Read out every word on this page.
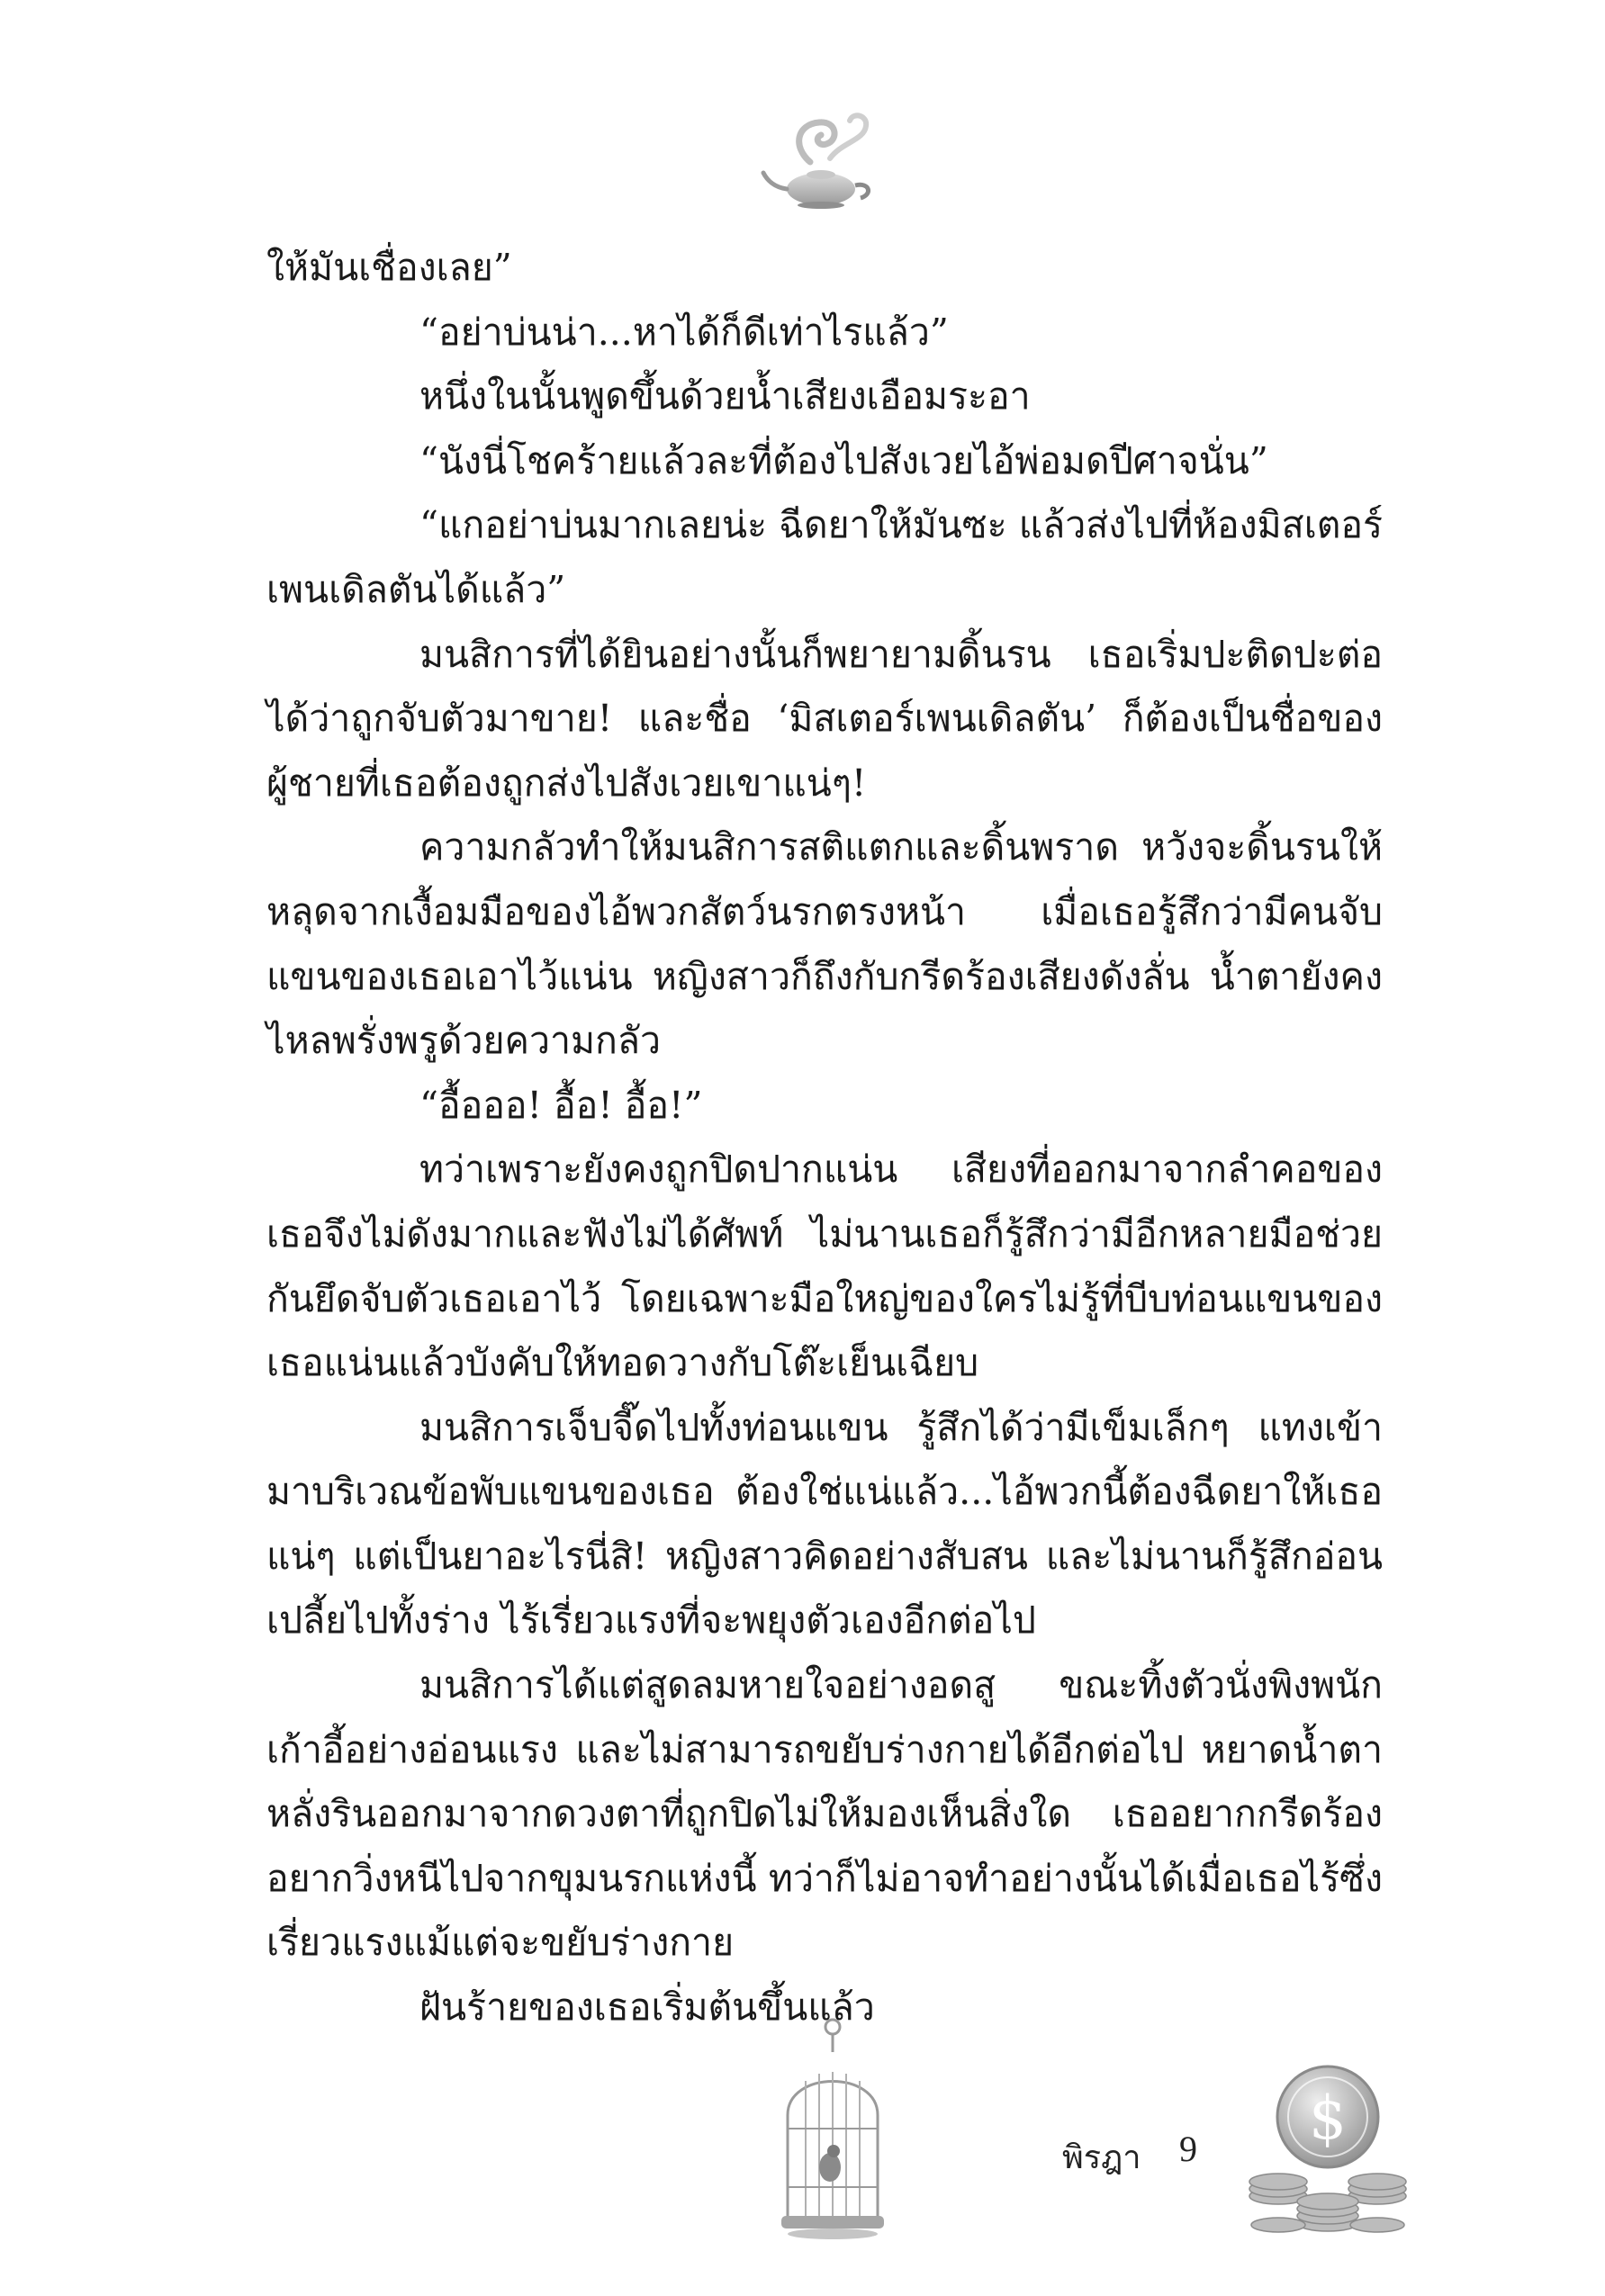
ให้มันเชื่องเลย”

“อย่าบ่นน่า...หาได้ก็ดีเท่าไรแล้ว”

หนึ่งในนั้นพูดขึ้นด้วยน้ำเสียงเอือมระอา

“นังนี่โชคร้ายแล้วละที่ต้องไปสังเวยไอ้พ่อมดปีศาจนั่น”

“แกอย่าบ่นมากเลยน่ะ ฉีดยาให้มันซะ แล้วส่งไปที่ห้องมิสเตอร์เพนเดิลตันได้แล้ว”

มนสิการที่ได้ยินอย่างนั้นก็พยายามดิ้นรน เธอเริ่มปะติดปะต่อได้ว่าถูกจับตัวมาขาย! และชื่อ ‘มิสเตอร์เพนเดิลตัน’ ก็ต้องเป็นชื่อของผู้ชายที่เธอต้องถูกส่งไปสังเวยเขาแน่ๆ!

ความกลัวทำให้มนสิการสติแตกและดิ้นพราด หวังจะดิ้นรนให้หลุดจากเงื้อมมือของไอ้พวกสัตว์นรกตรงหน้า เมื่อเธอรู้สึกว่ามีคนจับแขนของเธอเอาไว้แน่น หญิงสาวก็ถึงกับกรีดร้องเสียงดังลั่น น้ำตายังคงไหลพรั่งพรูด้วยความกลัว

“อื้อออ! อื้อ! อื้อ!”

ทว่าเพราะยังคงถูกปิดปากแน่น เสียงที่ออกมาจากลำคอของเธอจึงไม่ดังมากและฟังไม่ได้ศัพท์ ไม่นานเธอก็รู้สึกว่ามีอีกหลายมือช่วยกันยึดจับตัวเธอเอาไว้ โดยเฉพาะมือใหญ่ของใครไม่รู้ที่บีบท่อนแขนของเธอแน่นแล้วบังคับให้ทอดวางกับโต๊ะเย็นเฉียบ

มนสิการเจ็บจี๊ดไปทั้งท่อนแขน รู้สึกได้ว่ามีเข็มเล็กๆ แทงเข้ามาบริเวณข้อพับแขนของเธอ ต้องใช่แน่แล้ว...ไอ้พวกนี้ต้องฉีดยาให้เธอแน่ๆ แต่เป็นยาอะไรนี่สิ! หญิงสาวคิดอย่างสับสน และไม่นานก็รู้สึกอ่อนเปลี้ยไปทั้งร่าง ไร้เรี่ยวแรงที่จะพยุงตัวเองอีกต่อไป

มนสิการได้แต่สูดลมหายใจอย่างอดสู ขณะทิ้งตัวนั่งพิงพนักเก้าอี้อย่างอ่อนแรง และไม่สามารถขยับร่างกายได้อีกต่อไป หยาดน้ำตาหลั่งรินออกมาจากดวงตาที่ถูกปิดไม่ให้มองเห็นสิ่งใด เธออยากกรีดร้อง อยากวิ่งหนีไปจากขุมนรกแห่งนี้ ทว่าก็ไม่อาจทำอย่างนั้นได้เมื่อเธอไร้ซึ่งเรี่ยวแรงแม้แต่จะขยับร่างกาย

ฝันร้ายของเธอเริ่มต้นขึ้นแล้ว

พิรฎา 9 $
